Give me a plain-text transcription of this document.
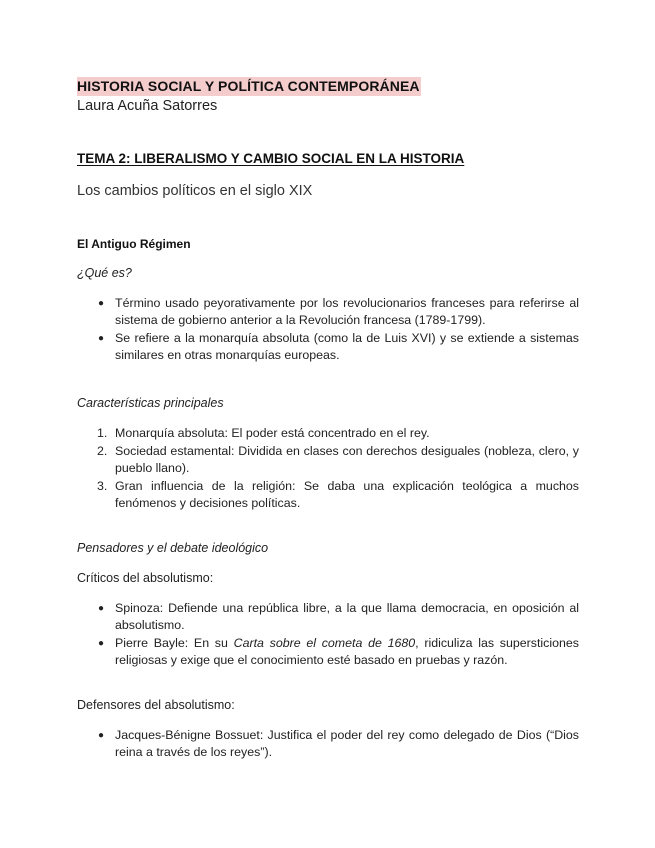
HISTORIA SOCIAL Y POLÍTICA CONTEMPORÁNEA

Laura Acuña Satorres

TEMA 2: LIBERALISMO Y CAMBIO SOCIAL EN LA HISTORIA

Los cambios políticos en el siglo XIX

El Antiguo Régimen

¿Qué es?

● Término usado peyorativamente por los revolucionarios franceses para referirse al sistema de gobierno anterior a la Revolución francesa (1789-1799).
● Se refiere a la monarquía absoluta (como la de Luis XVI) y se extiende a sistemas similares en otras monarquías europeas.

Características principales

1. Monarquía absoluta: El poder está concentrado en el rey.
2. Sociedad estamental: Dividida en clases con derechos desiguales (nobleza, clero, y pueblo llano).
3. Gran influencia de la religión: Se daba una explicación teológica a muchos fenómenos y decisiones políticas.

Pensadores y el debate ideológico

Críticos del absolutismo:

● Spinoza: Defiende una república libre, a la que llama democracia, en oposición al absolutismo.
● Pierre Bayle: En su Carta sobre el cometa de 1680, ridiculiza las supersticiones religiosas y exige que el conocimiento esté basado en pruebas y razón.

Defensores del absolutismo:

● Jacques-Bénigne Bossuet: Justifica el poder del rey como delegado de Dios (“Dios reina a través de los reyes”).
